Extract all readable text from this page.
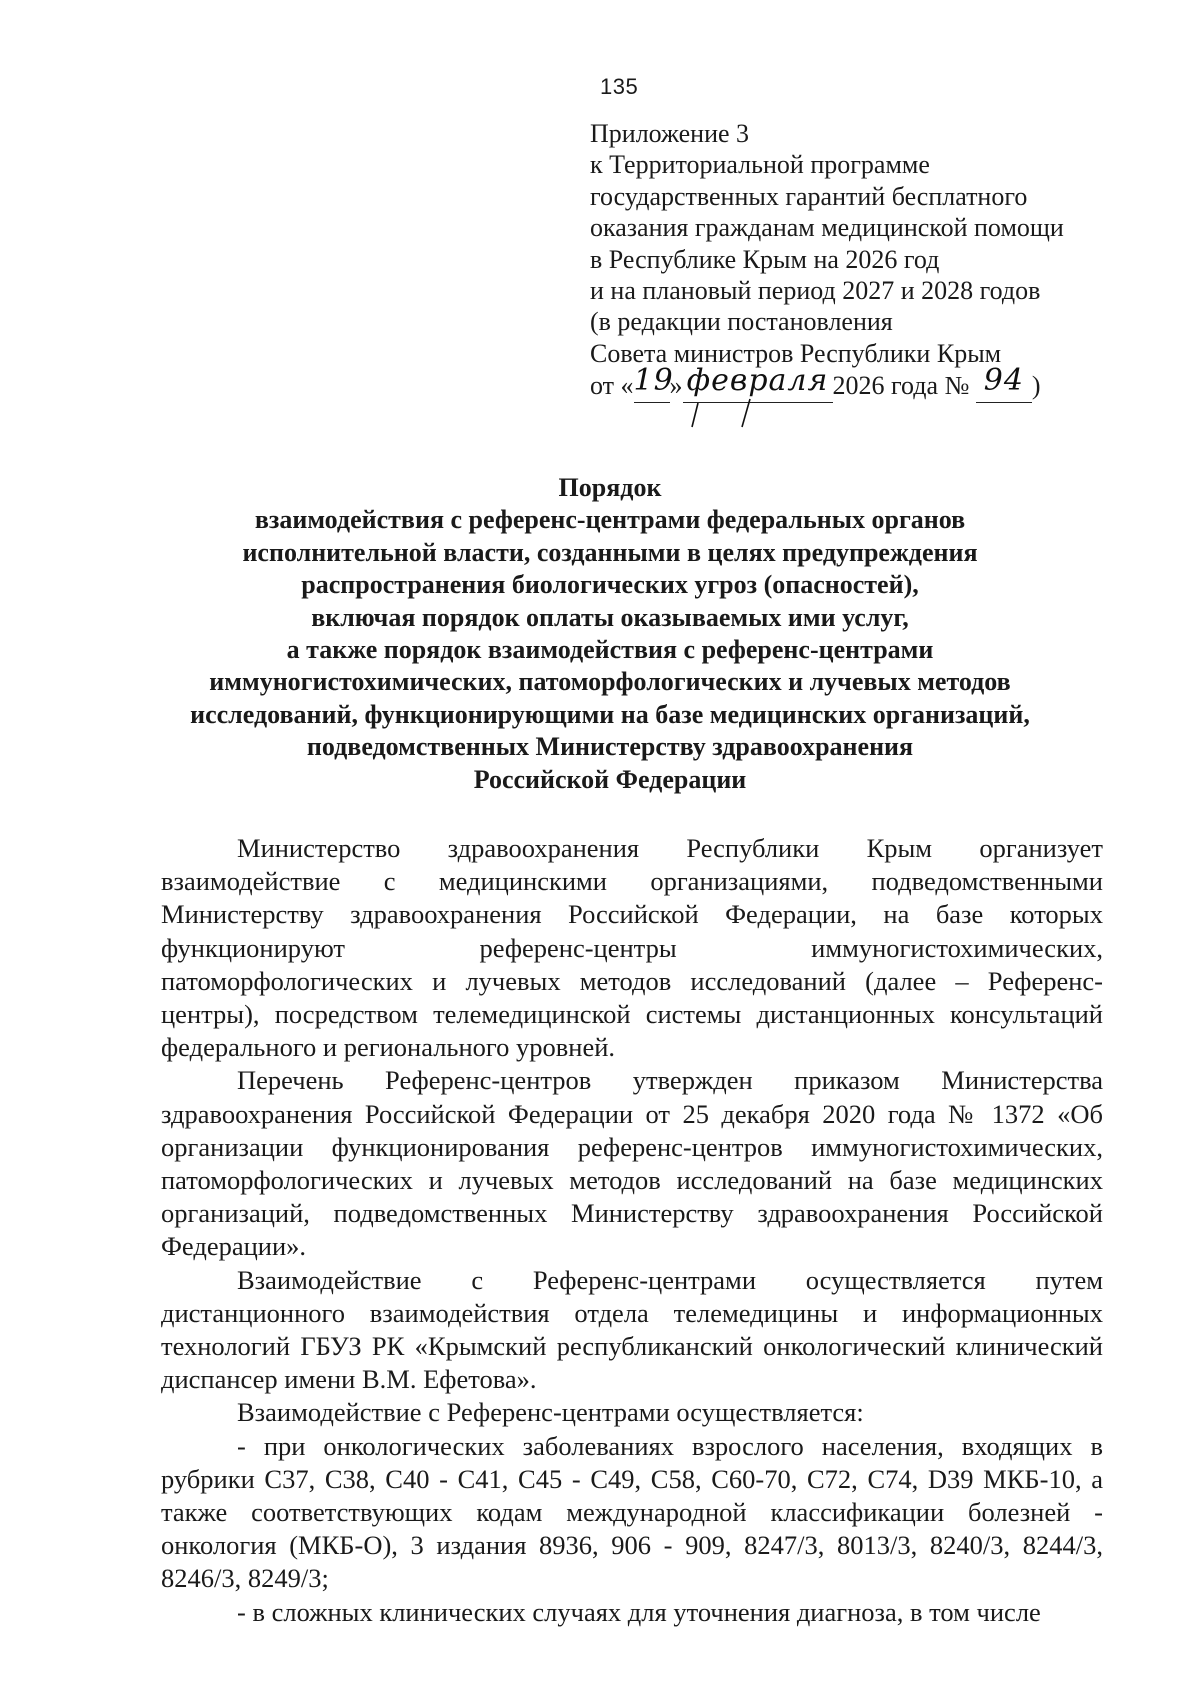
135
Приложение 3
к Территориальной программе
государственных гарантий бесплатного
оказания гражданам медицинской помощи
в Республике Крым на 2026 год
и на плановый период 2027 и 2028 годов
(в редакции постановления
Совета министров Республики Крым
от «19» февраля 2026 года № 94 )
Порядок
взаимодействия с референс-центрами федеральных органов
исполнительной власти, созданными в целях предупреждения
распространения биологических угроз (опасностей),
включая порядок оплаты оказываемых ими услуг,
а также порядок взаимодействия с референс-центрами
иммуногистохимических, патоморфологических и лучевых методов
исследований, функционирующими на базе медицинских организаций,
подведомственных Министерству здравоохранения
Российской Федерации

Министерство здравоохранения Республики Крым организует взаимодействие с медицинскими организациями, подведомственными Министерству здравоохранения Российской Федерации, на базе которых функционируют референс-центры иммуногистохимических, патоморфологических и лучевых методов исследований (далее – Референс-центры), посредством телемедицинской системы дистанционных консультаций федерального и регионального уровней.

Перечень Референс-центров утвержден приказом Министерства здравоохранения Российской Федерации от 25 декабря 2020 года № 1372 «Об организации функционирования референс-центров иммуногистохимических, патоморфологических и лучевых методов исследований на базе медицинских организаций, подведомственных Министерству здравоохранения Российской Федерации».

Взаимодействие с Референс-центрами осуществляется путем дистанционного взаимодействия отдела телемедицины и информационных технологий ГБУЗ РК «Крымский республиканский онкологический клинический диспансер имени В.М. Ефетова».

Взаимодействие с Референс-центрами осуществляется:

- при онкологических заболеваниях взрослого населения, входящих в рубрики C37, C38, C40 - C41, C45 - C49, C58, C60-70, C72, C74, D39 МКБ-10, а также соответствующих кодам международной классификации болезней - онкология (МКБ-О), 3 издания 8936, 906 - 909, 8247/3, 8013/3, 8240/3, 8244/3, 8246/3, 8249/3;

- в сложных клинических случаях для уточнения диагноза, в том числе
